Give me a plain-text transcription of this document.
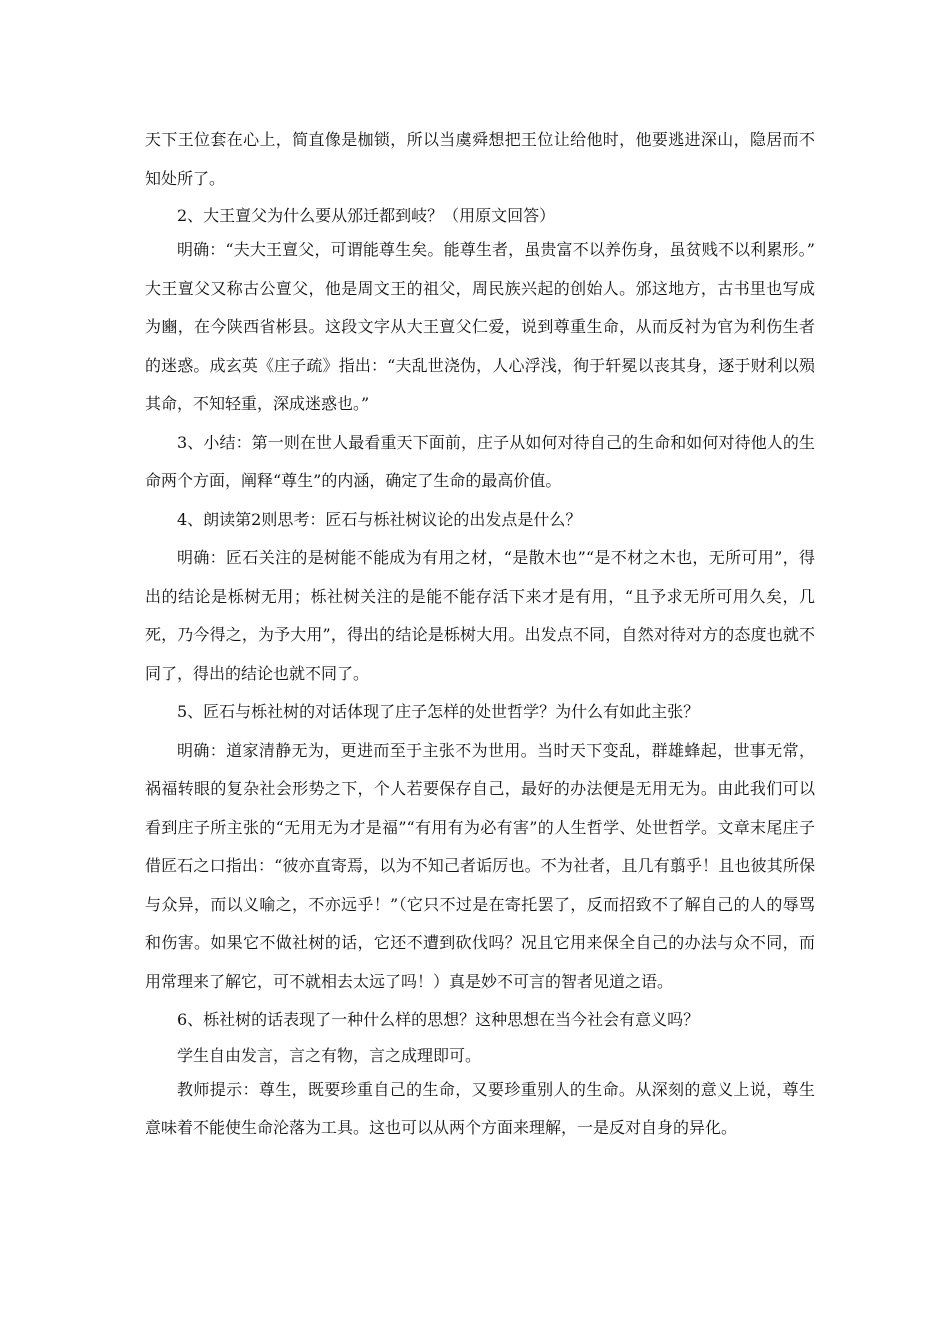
天下王位套在心上，简直像是枷锁，所以当虞舜想把王位让给他时，他要逃进深山，隐居而不知处所了。

2、大王亶父为什么要从邠迁都到岐？（用原文回答）

明确：“夫大王亶父，可谓能尊生矣。能尊生者，虽贵富不以养伤身，虽贫贱不以利累形。” 大王亶父又称古公亶父，他是周文王的祖父，周民族兴起的创始人。邠这地方，古书里也写成为豳，在今陕西省彬县。这段文字从大王亶父仁爱，说到尊重生命，从而反衬为官为利伤生者的迷惑。成玄英《庄子疏》指出：“夫乱世浇伪，人心浮浅，徇于轩冕以丧其身，逐于财利以殒其命，不知轻重，深成迷惑也。”

3、小结：第一则在世人最看重天下面前，庄子从如何对待自己的生命和如何对待他人的生命两个方面，阐释“尊生”的内涵，确定了生命的最高价值。

4、朗读第2则思考：匠石与栎社树议论的出发点是什么？

明确：匠石关注的是树能不能成为有用之材，“是散木也”“是不材之木也，无所可用”，得出的结论是栎树无用；栎社树关注的是能不能存活下来才是有用，“且予求无所可用久矣，几死，乃今得之，为予大用”，得出的结论是栎树大用。出发点不同，自然对待对方的态度也就不同了，得出的结论也就不同了。

5、匠石与栎社树的对话体现了庄子怎样的处世哲学？为什么有如此主张？

明确：道家清静无为，更进而至于主张不为世用。当时天下变乱，群雄蜂起，世事无常，祸福转眼的复杂社会形势之下，个人若要保存自己，最好的办法便是无用无为。由此我们可以看到庄子所主张的“无用无为才是福”“有用有为必有害”的人生哲学、处世哲学。文章末尾庄子借匠石之口指出：“彼亦直寄焉，以为不知己者诟厉也。不为社者，且几有翦乎！且也彼其所保与众异，而以义喻之，不亦远乎！”（它只不过是在寄托罢了，反而招致不了解自己的人的辱骂和伤害。如果它不做社树的话，它还不遭到砍伐吗？况且它用来保全自己的办法与众不同，而用常理来了解它，可不就相去太远了吗！）真是妙不可言的智者见道之语。

6、栎社树的话表现了一种什么样的思想？这种思想在当今社会有意义吗？

学生自由发言，言之有物，言之成理即可。

教师提示：尊生，既要珍重自己的生命，又要珍重别人的生命。从深刻的意义上说，尊生意味着不能使生命沦落为工具。这也可以从两个方面来理解，一是反对自身的异化。
